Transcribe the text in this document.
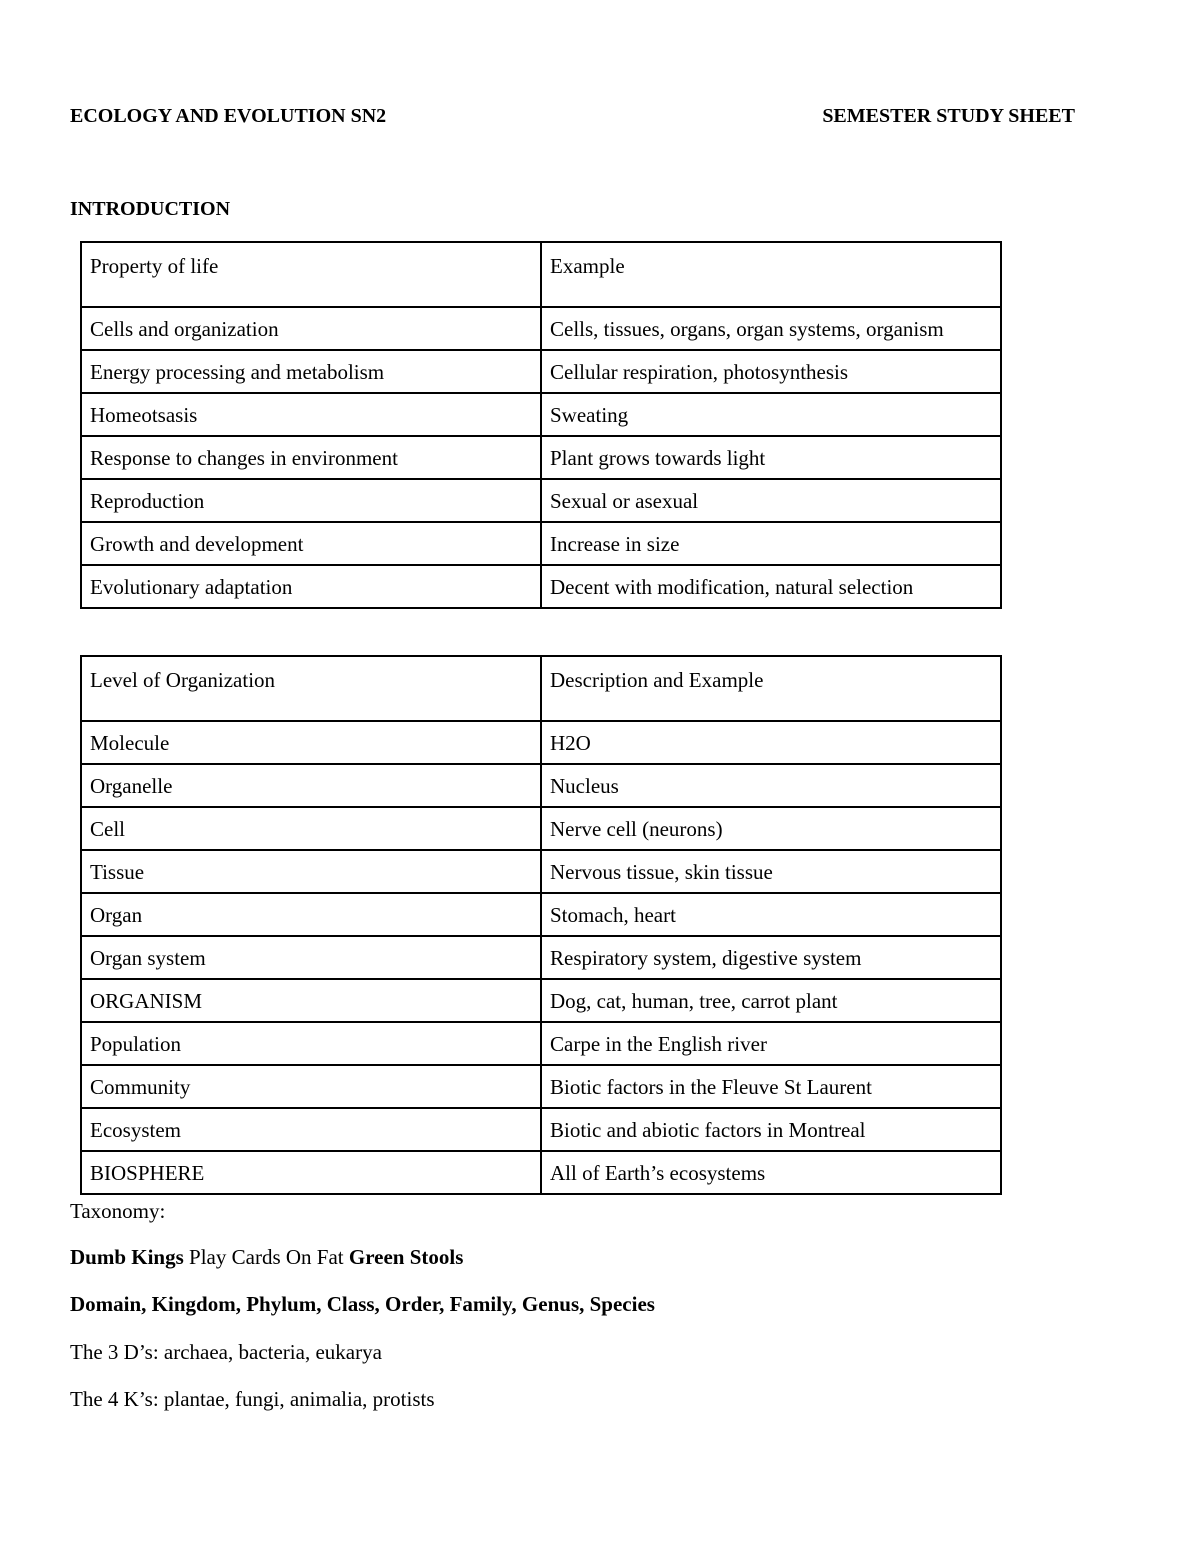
ECOLOGY AND EVOLUTION SN2	SEMESTER STUDY SHEET
INTRODUCTION
Property of life	Example
Cells and organization	Cells, tissues, organs, organ systems, organism
Energy processing and metabolism	Cellular respiration, photosynthesis
Homeotsasis	Sweating
Response to changes in environment	Plant grows towards light
Reproduction	Sexual or asexual
Growth and development	Increase in size
Evolutionary adaptation	Decent with modification, natural selection
Level of Organization	Description and Example
Molecule	H2O
Organelle	Nucleus
Cell	Nerve cell (neurons)
Tissue	Nervous tissue, skin tissue
Organ	Stomach, heart
Organ system	Respiratory system, digestive system
ORGANISM	Dog, cat, human, tree, carrot plant
Population	Carpe in the English river
Community	Biotic factors in the Fleuve St Laurent
Ecosystem	Biotic and abiotic factors in Montreal
BIOSPHERE	All of Earth’s ecosystems
Taxonomy:
Dumb Kings Play Cards On Fat Green Stools
Domain, Kingdom, Phylum, Class, Order, Family, Genus, Species
The 3 D’s: archaea, bacteria, eukarya
The 4 K’s: plantae, fungi, animalia, protists
